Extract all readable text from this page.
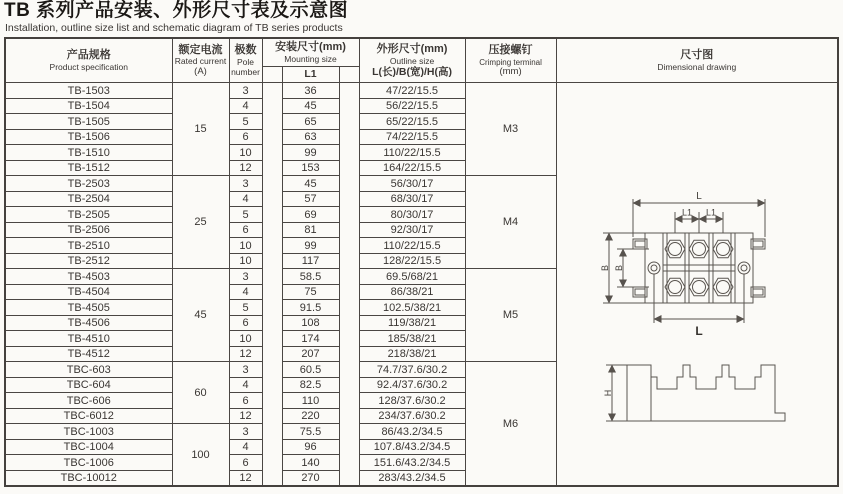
TB 系列产品安装、外形尺寸表及示意图
Installation, outline size list and schematic diagram of TB series products
产品规格
Product specification

额定电流
Rated current
(A)

极数
Pole
number

安装尺寸(mm)
Mounting size

外形尺寸(mm)
Outline size
L(长)/B(宽)/H(高)

压接螺钉
Crimping terminal
(mm)

尺寸图
Dimensional drawing

				L1				
TB-1503	15	3		36		47/22/15.5	M3	
L
L1 L1
B B
L
H

TB-1504		4		45		56/22/15.5		
TB-1505		5		65		65/22/15.5		
TB-1506		6		63		74/22/15.5		
TB-1510		10		99		110/22/15.5		
TB-1512		12		153		164/22/15.5		
TB-2503	25	3		45		56/30/17	M4	
TB-2504		4		57		68/30/17		
TB-2505		5		69		80/30/17		
TB-2506		6		81		92/30/17		
TB-2510		10		99		110/22/15.5		
TB-2512		10		117		128/22/15.5		
TB-4503	45	3		58.5		69.5/68/21	M5	
TB-4504		4		75		86/38/21		
TB-4505		5		91.5		102.5/38/21		
TB-4506		6		108		119/38/21		
TB-4510		10		174		185/38/21		
TB-4512		12		207		218/38/21		
TBC-603	60	3		60.5		74.7/37.6/30.2	M6	
TBC-604		4		82.5		92.4/37.6/30.2		
TBC-606		6		110		128/37.6/30.2		
TBC-6012		12		220		234/37.6/30.2		
TBC-1003	100	3		75.5		86/43.2/34.5		
TBC-1004		4		96		107.8/43.2/34.5		
TBC-1006		6		140		151.6/43.2/34.5		
TBC-10012		12		270		283/43.2/34.5		
